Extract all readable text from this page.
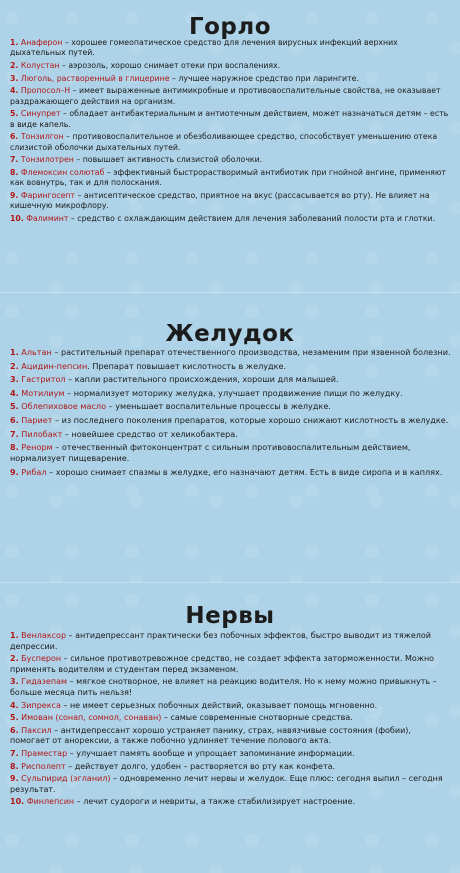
Горло
1. Анаферон – хорошее гомеопатическое средство для лечения вирусных инфекций верхних дыхательных путей.
2. Колустан – аэрозоль, хорошо снимает отеки при воспалениях.
3. Люголь, растворенный в глицерине – лучшее наружное средство при ларингите.
4. Пропосол–Н – имеет выраженные антимикробные и противовоспалительные свойства, не оказывает раздражающего действия на организм.
5. Синупрет – обладает антибактериальным и антиотечным действием, может назначаться детям – есть в виде капель.
6. Тонзилгон – противовоспалительное и обезболивающее средство, способствует уменьшению отека слизистой оболочки дыхательных путей.
7. Тонзилотрен – повышает активность слизистой оболочки.
8. Флемоксин солютаб – эффективный быстрорастворимый антибиотик при гнойной ангине, применяют как вовнутрь, так и для полоскания.
9. Фарингосепт – антисептическое средство, приятное на вкус (рассасывается во рту). Не влияет на кишечную микрофлору.
10. Фалиминт – средство с охлаждающим действием для лечения заболеваний полости рта и глотки.
Желудок
1. Альтан – растительный препарат отечественного производства, незаменим при язвенной болезни.
2. Ацидин-пепсин. Препарат повышает кислотность в желудке.
3. Гастритол – капли растительного происхождения, хороши для малышей.
4. Мотилиум – нормализует моторику желудка, улучшает продвижение пищи по желудку.
5. Облепиховое масло – уменьшает воспалительные процессы в желудке.
6. Париет – из последнего поколения препаратов, которые хорошо снижают кислотность в желудке.
7. Пилобакт – новейшее средство от хеликобактера.
8. Ренорм – отечественный фитоконцентрат с сильным противовоспалительным действием, нормализует пищеварение.
9. Рибал – хорошо снимает спазмы в желудке, его назначают детям. Есть в виде сиропа и в каплях.
Нервы
1. Венлаксор – антидепрессант практически без побочных эффектов, быстро выводит из тяжелой депрессии.
2. Бусперон – сильное противотревожное средство, не создает эффекта заторможенности. Можно применять водителям и студентам перед экзаменом.
3. Гидазепам – мягкое снотворное, не влияет на реакцию водителя. Но к нему можно привыкнуть – больше месяца пить нельзя!
4. Зипрекса – не имеет серьезных побочных действий, оказывает помощь мгновенно.
5. Имован (сонап, сомнол, сонаван) – самые современные снотворные средства.
6. Паксил – антидепрессант хорошо устраняет панику, страх, навязчивые состояния (фобии), помогает от анорексии, а также побочно удлиняет течение полового акта.
7. Праместар – улучшает память вообще и упрощает запоминание информации.
8. Рисполепт – действует долго, удобен – растворяется во рту как конфета.
9. Сульпирид (эгланил) – одновременно лечит нервы и желудок. Еще плюс: сегодня выпил – сегодня результат.
10. Финлепсин – лечит судороги и невриты, а также стабилизирует настроение.
